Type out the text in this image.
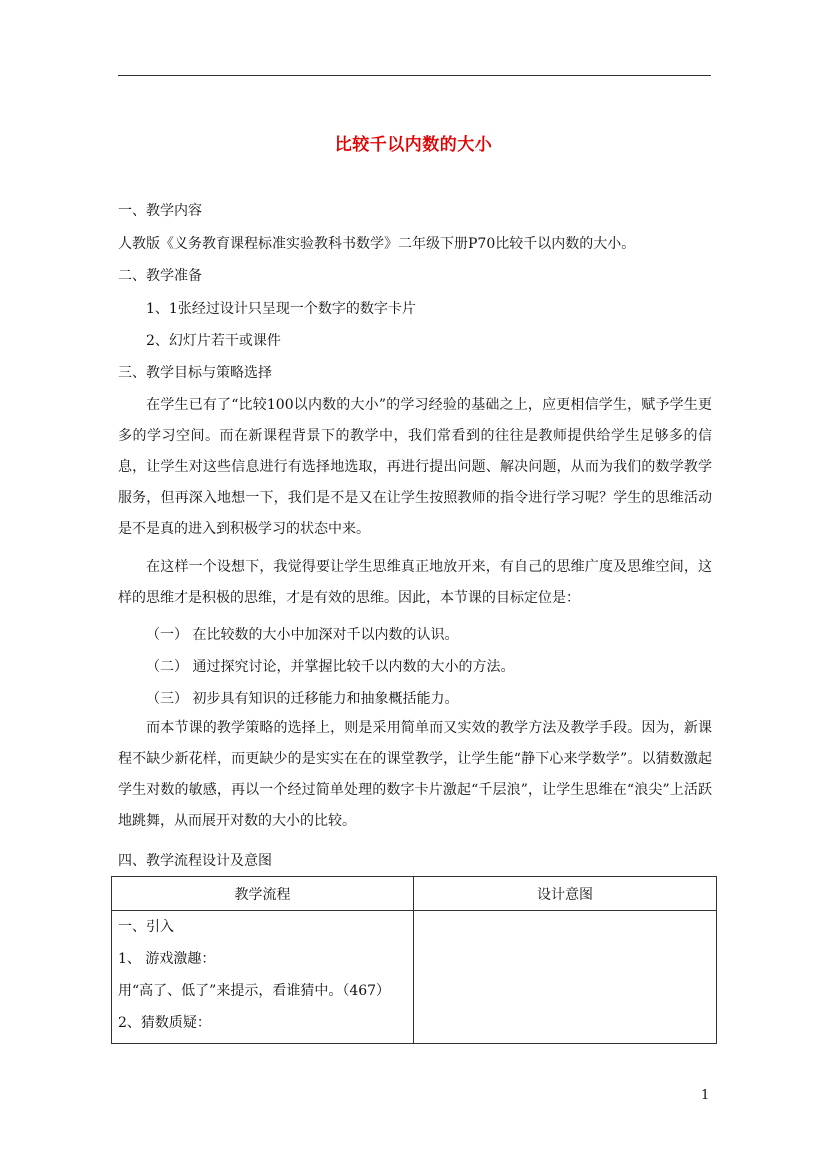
比较千以内数的大小
一、教学内容
人教版《义务教育课程标准实验教科书数学》二年级下册P70比较千以内数的大小。
二、教学准备
1、1张经过设计只呈现一个数字的数字卡片
2、幻灯片若干或课件
三、教学目标与策略选择
在学生已有了“比较100以内数的大小”的学习经验的基础之上，应更相信学生，赋予学生更多的学习空间。而在新课程背景下的教学中，我们常看到的往往是教师提供给学生足够多的信息，让学生对这些信息进行有选择地选取，再进行提出问题、解决问题，从而为我们的数学教学服务，但再深入地想一下，我们是不是又在让学生按照教师的指令进行学习呢？学生的思维活动是不是真的进入到积极学习的状态中来。
在这样一个设想下，我觉得要让学生思维真正地放开来，有自己的思维广度及思维空间，这样的思维才是积极的思维，才是有效的思维。因此，本节课的目标定位是：
（一） 在比较数的大小中加深对千以内数的认识。
（二） 通过探究讨论，并掌握比较千以内数的大小的方法。
（三） 初步具有知识的迁移能力和抽象概括能力。
而本节课的教学策略的选择上，则是采用简单而又实效的教学方法及教学手段。因为，新课程不缺少新花样，而更缺少的是实实在在的课堂教学，让学生能“静下心来学数学”。以猜数激起学生对数的敏感，再以一个经过简单处理的数字卡片激起“千层浪”，让学生思维在“浪尖”上活跃地跳舞，从而展开对数的大小的比较。
四、教学流程设计及意图
教学流程	设计意图

一、引入
1、 游戏激趣：
用“高了、低了”来提示，看谁猜中。（467）
2、猜数质疑：	

1
